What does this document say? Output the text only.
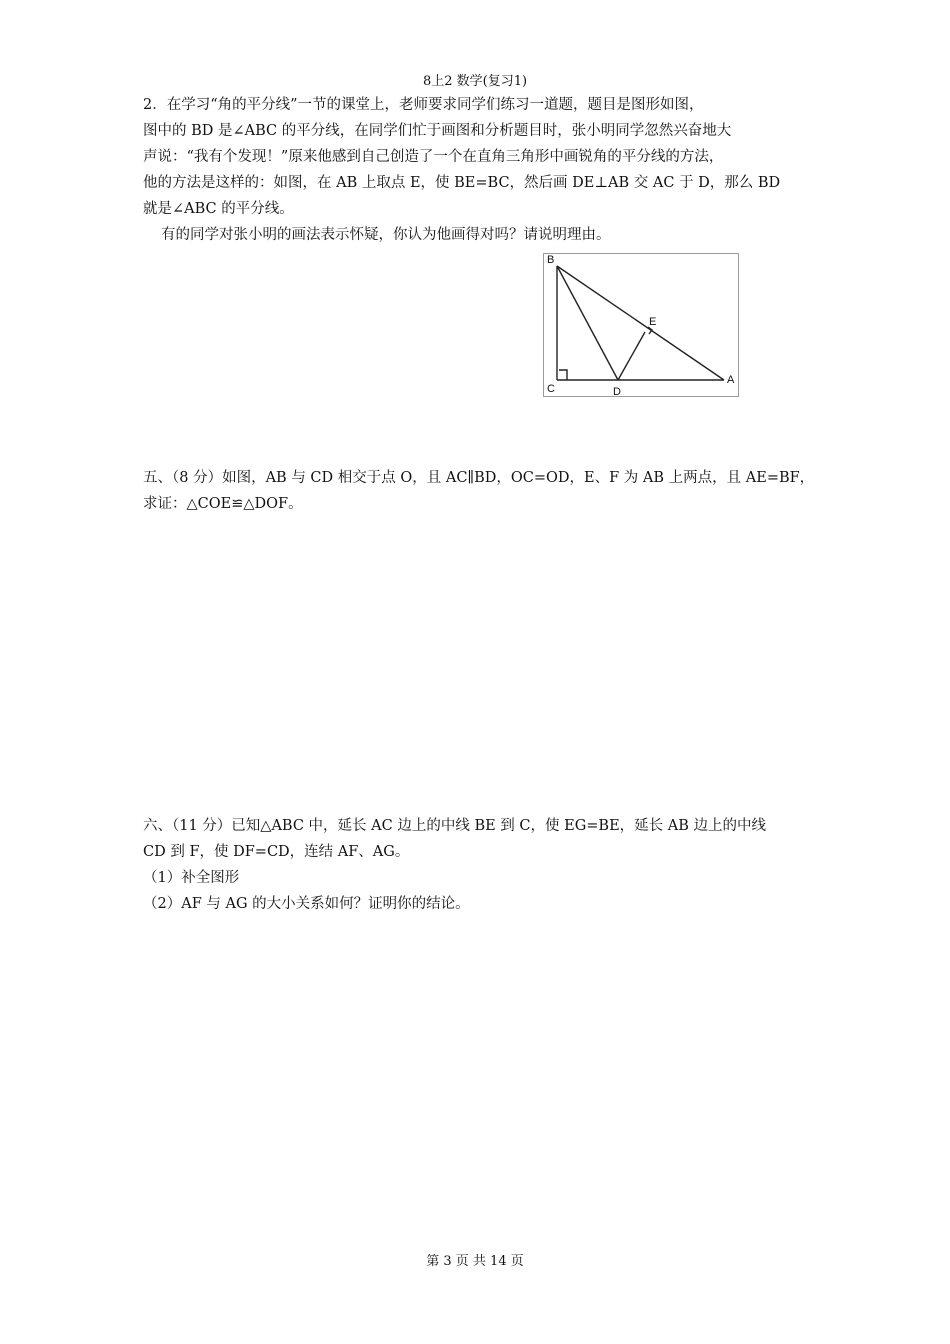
8上2 数学(复习1)
2．在学习“角的平分线”一节的课堂上，老师要求同学们练习一道题，题目是图形如图，
图中的 BD 是∠ABC 的平分线，在同学们忙于画图和分析题目时，张小明同学忽然兴奋地大
声说：“我有个发现！”原来他感到自己创造了一个在直角三角形中画锐角的平分线的方法，
他的方法是这样的：如图，在 AB 上取点 E，使 BE=BC，然后画 DE⊥AB 交 AC 于 D，那么 BD
就是∠ABC 的平分线。
有的同学对张小明的画法表示怀疑，你认为他画得对吗？请说明理由。
B
E
C	D
A
五、（8 分）如图，AB 与 CD 相交于点 O，且 AC∥BD，OC=OD，E、F 为 AB 上两点，且 AE=BF，
求证：△COE≌△DOF。
六、（11 分）已知△ABC 中，延长 AC 边上的中线 BE 到 C，使 EG=BE，延长 AB 边上的中线
CD 到 F，使 DF=CD，连结 AF、AG。
（1）补全图形
（2）AF 与 AG 的大小关系如何？证明你的结论。
第 3 页 共 14 页
